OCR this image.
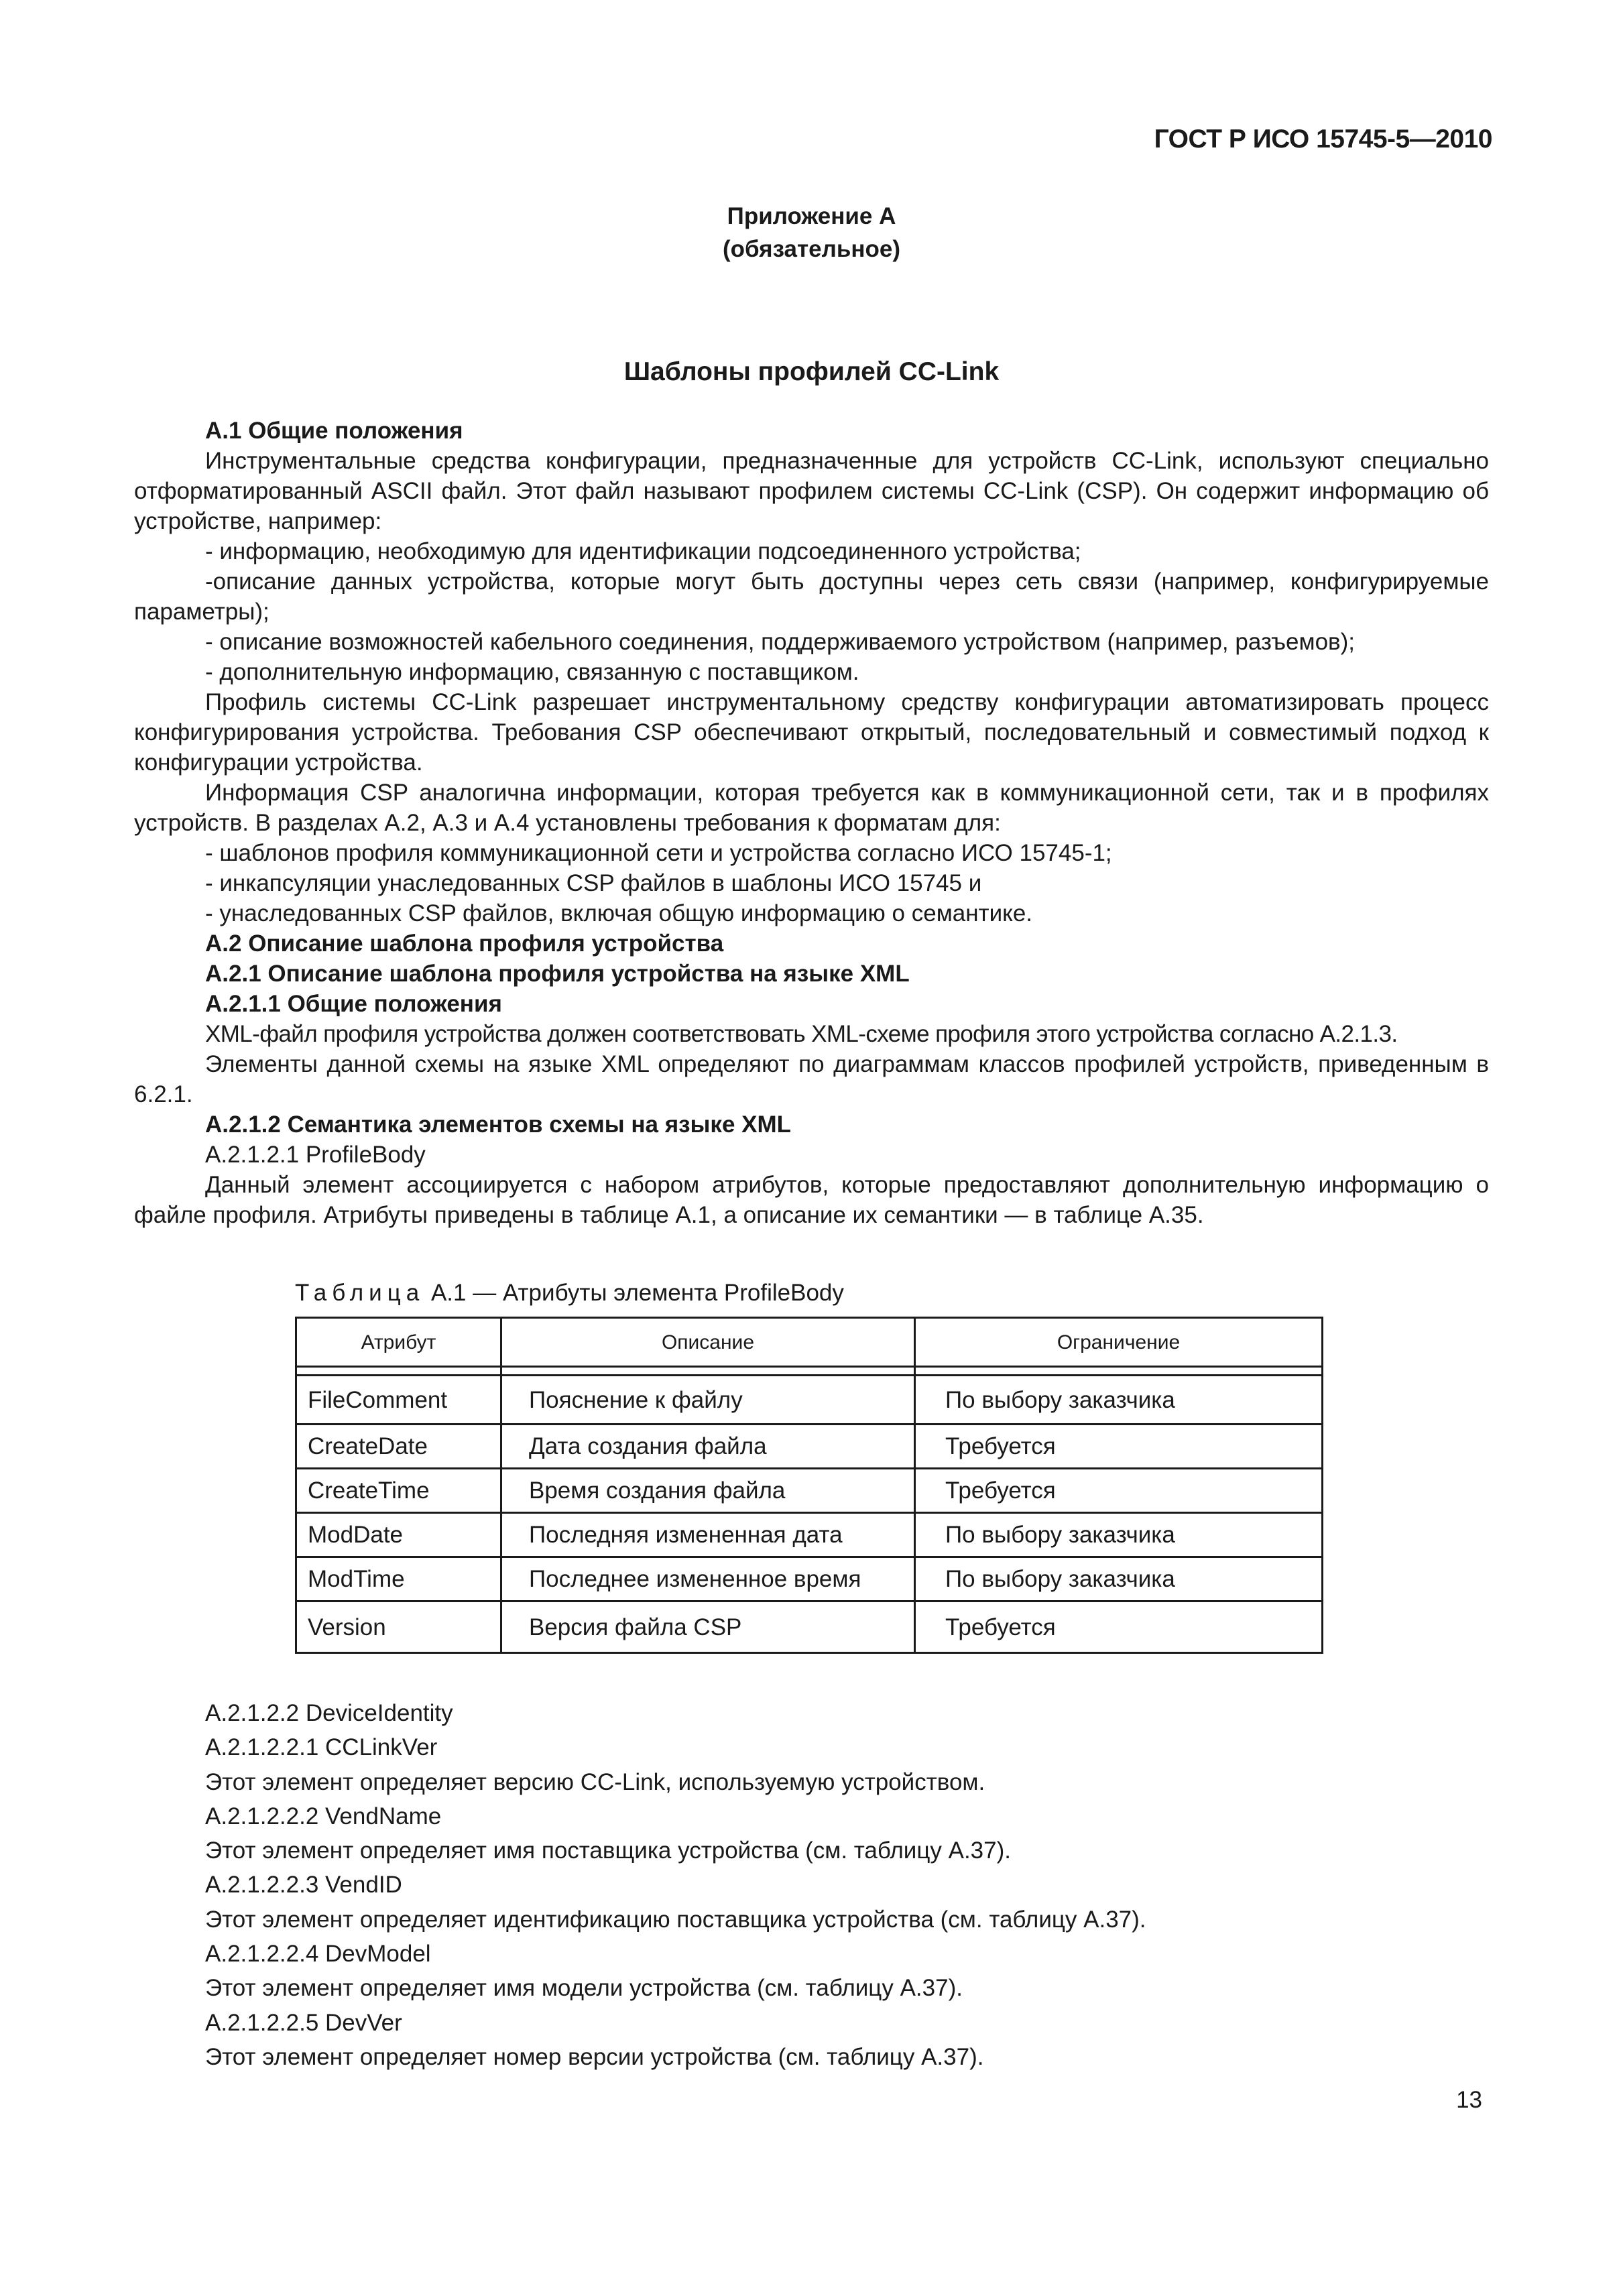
ГОСТ Р ИСО 15745-5—2010
Приложение А
(обязательное)
Шаблоны профилей CC-Link

А.1 Общие положения

Инструментальные средства конфигурации, предназначенные для устройств CC-Link, используют специально отформатированный ASCII файл. Этот файл называют профилем системы CC-Link (CSP). Он содержит информацию об устройстве, например:

- информацию, необходимую для идентификации подсоединенного устройства;

-описание данных устройства, которые могут быть доступны через сеть связи (например, конфигурируемые параметры);

- описание возможностей кабельного соединения, поддерживаемого устройством (например, разъемов);

- дополнительную информацию, связанную с поставщиком.

Профиль системы CC-Link разрешает инструментальному средству конфигурации автоматизировать процесс конфигурирования устройства. Требования CSP обеспечивают открытый, последовательный и совместимый подход к конфигурации устройства.

Информация CSP аналогична информации, которая требуется как в коммуникационной сети, так и в профилях устройств. В разделах А.2, А.3 и А.4 установлены требования к форматам для:

- шаблонов профиля коммуникационной сети и устройства согласно ИСО 15745-1;

- инкапсуляции унаследованных CSP файлов в шаблоны ИСО 15745 и

- унаследованных CSP файлов, включая общую информацию о семантике.

А.2 Описание шаблона профиля устройства

А.2.1 Описание шаблона профиля устройства на языке XML

А.2.1.1 Общие положения

XML-файл профиля устройства должен соответствовать XML-схеме профиля этого устройства согласно А.2.1.3.

Элементы данной схемы на языке XML определяют по диаграммам классов профилей устройств, приведенным в 6.2.1.

А.2.1.2 Семантика элементов схемы на языке XML

А.2.1.2.1 ProfileBody

Данный элемент ассоциируется с набором атрибутов, которые предоставляют дополнительную информацию о файле профиля. Атрибуты приведены в таблице А.1, а описание их семантики — в таблице А.35.

Таблица А.1 — Атрибуты элемента ProfileBody
Атрибут	Описание	Ограничение

FileComment	Пояснение к файлу	По выбору заказчика
CreateDate	Дата создания файла	Требуется
CreateTime	Время создания файла	Требуется
ModDate	Последняя измененная дата	По выбору заказчика
ModTime	Последнее измененное время	По выбору заказчика
Version	Версия файла CSP	Требуется

А.2.1.2.2 DeviceIdentity

А.2.1.2.2.1 CCLinkVer

Этот элемент определяет версию CC-Link, используемую устройством.

А.2.1.2.2.2 VendName

Этот элемент определяет имя поставщика устройства (см. таблицу А.37).

А.2.1.2.2.3 VendID

Этот элемент определяет идентификацию поставщика устройства (см. таблицу А.37).

А.2.1.2.2.4 DevModel

Этот элемент определяет имя модели устройства (см. таблицу А.37).

А.2.1.2.2.5 DevVer

Этот элемент определяет номер версии устройства (см. таблицу А.37).

13
